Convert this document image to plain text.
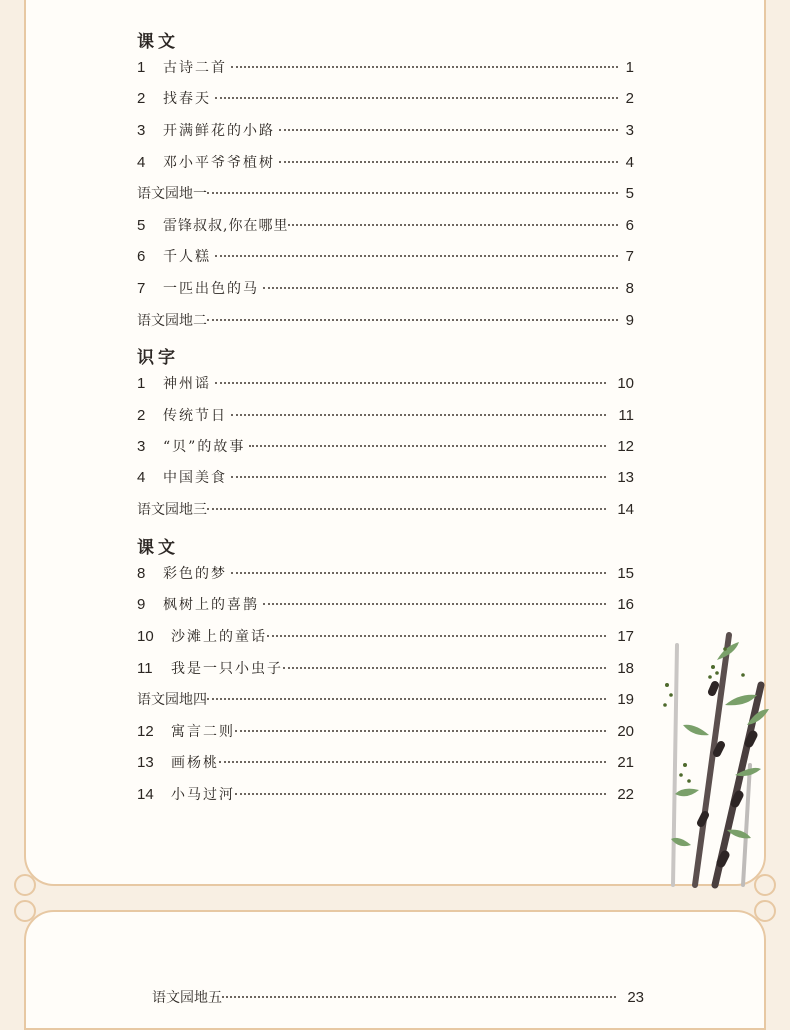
课文
1	古诗二首	1
2	找春天	2
3	开满鲜花的小路	3
4	邓小平爷爷植树	4
语文园地一	5
5	雷锋叔叔,你在哪里	6
6	千人糕	7
7	一匹出色的马	8
语文园地二	9
识字
1	神州谣	10
2	传统节日	11
3	“贝”的故事	12
4	中国美食	13
语文园地三	14
课文
8	彩色的梦	15
9	枫树上的喜鹊	16
10	沙滩上的童话	17
11	我是一只小虫子	18
语文园地四	19
12	寓言二则	20
13	画杨桃	21
14	小马过河	22
语文园地五	23
